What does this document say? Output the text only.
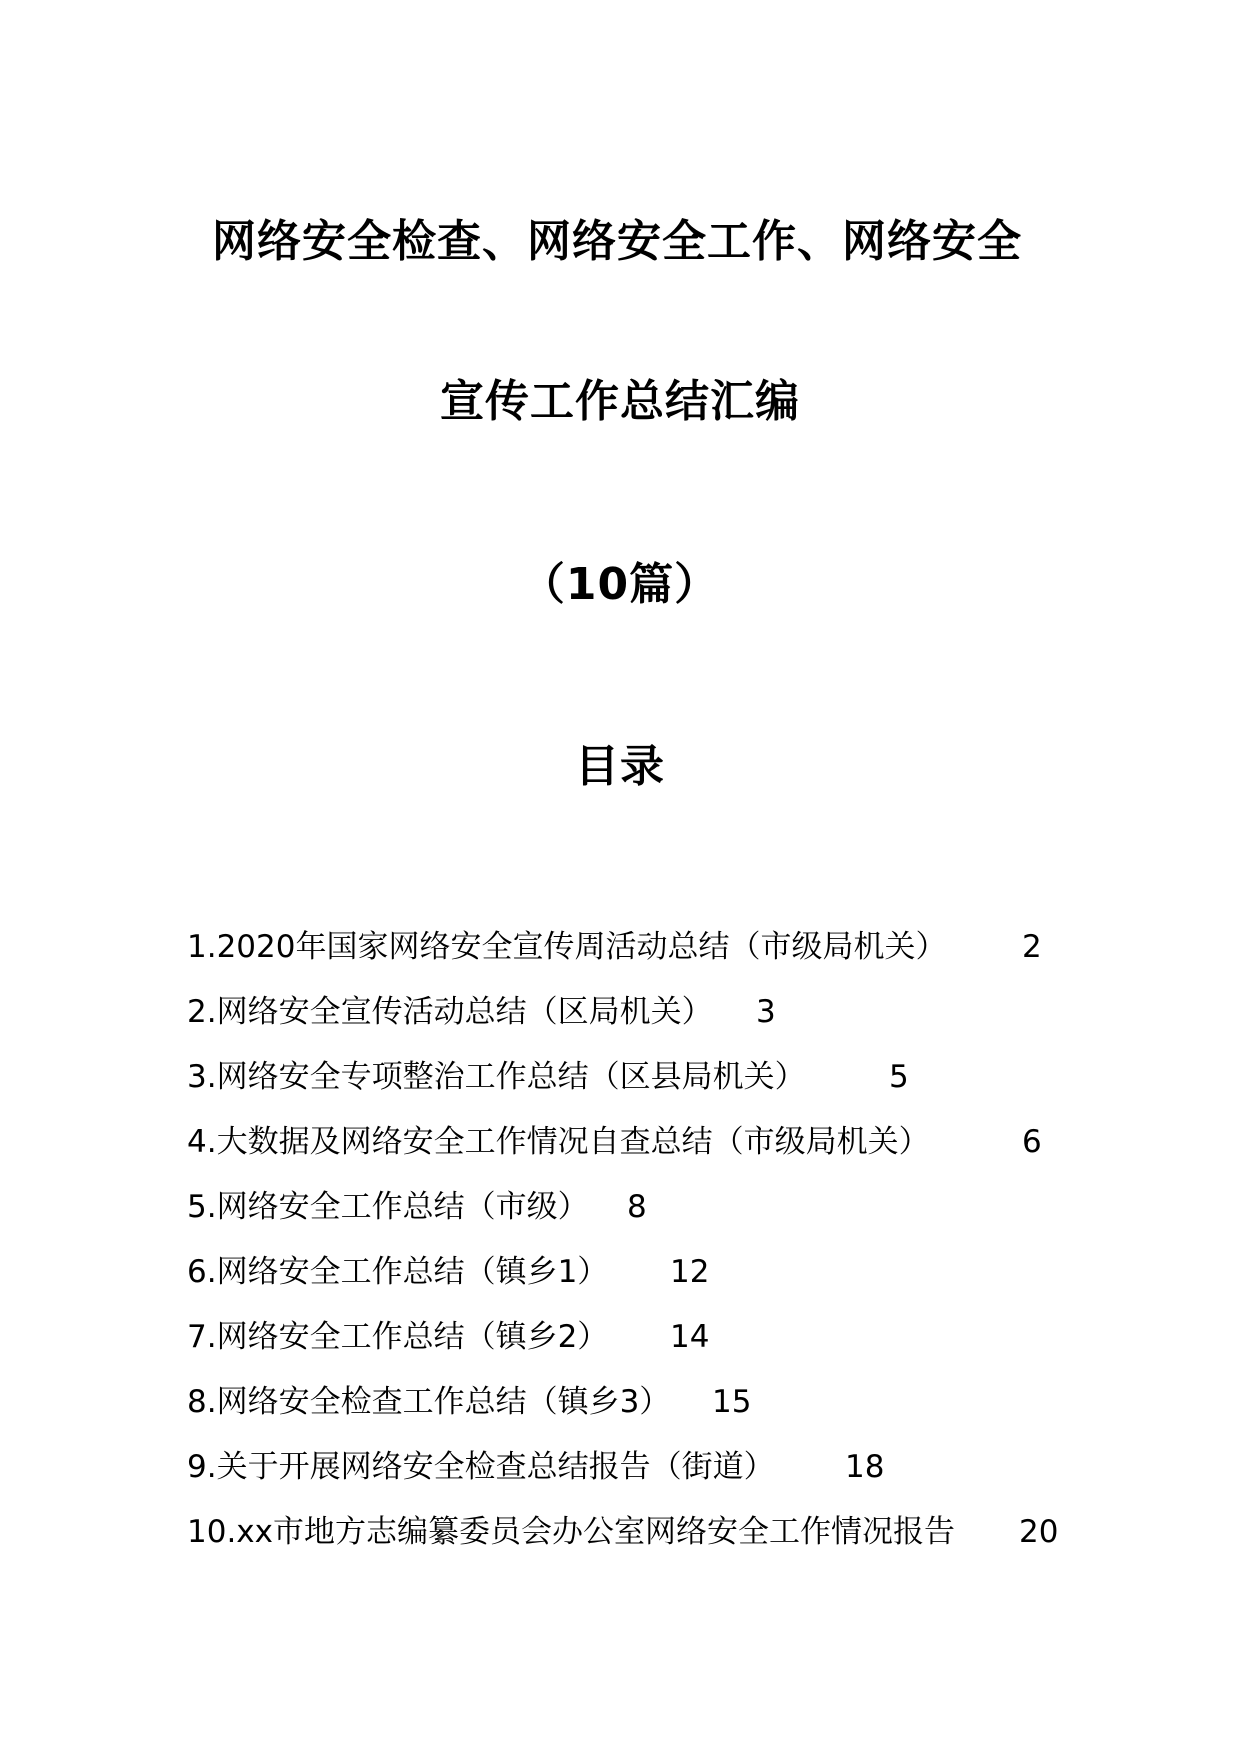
网络安全检查、网络安全工作、网络安全
宣传工作总结汇编
（10篇）
目录
1.2020年国家网络安全宣传周活动总结（市级局机关） 2
2.网络安全宣传活动总结（区局机关） 3
3.网络安全专项整治工作总结（区县局机关）	5
4.大数据及网络安全工作情况自查总结（市级局机关）	6
5.网络安全工作总结（市级） 8
6.网络安全工作总结（镇乡1） 12
7.网络安全工作总结（镇乡2） 14
8.网络安全检查工作总结（镇乡3） 15
9.关于开展网络安全检查总结报告（街道） 18
10.xx市地方志编纂委员会办公室网络安全工作情况报告 20
